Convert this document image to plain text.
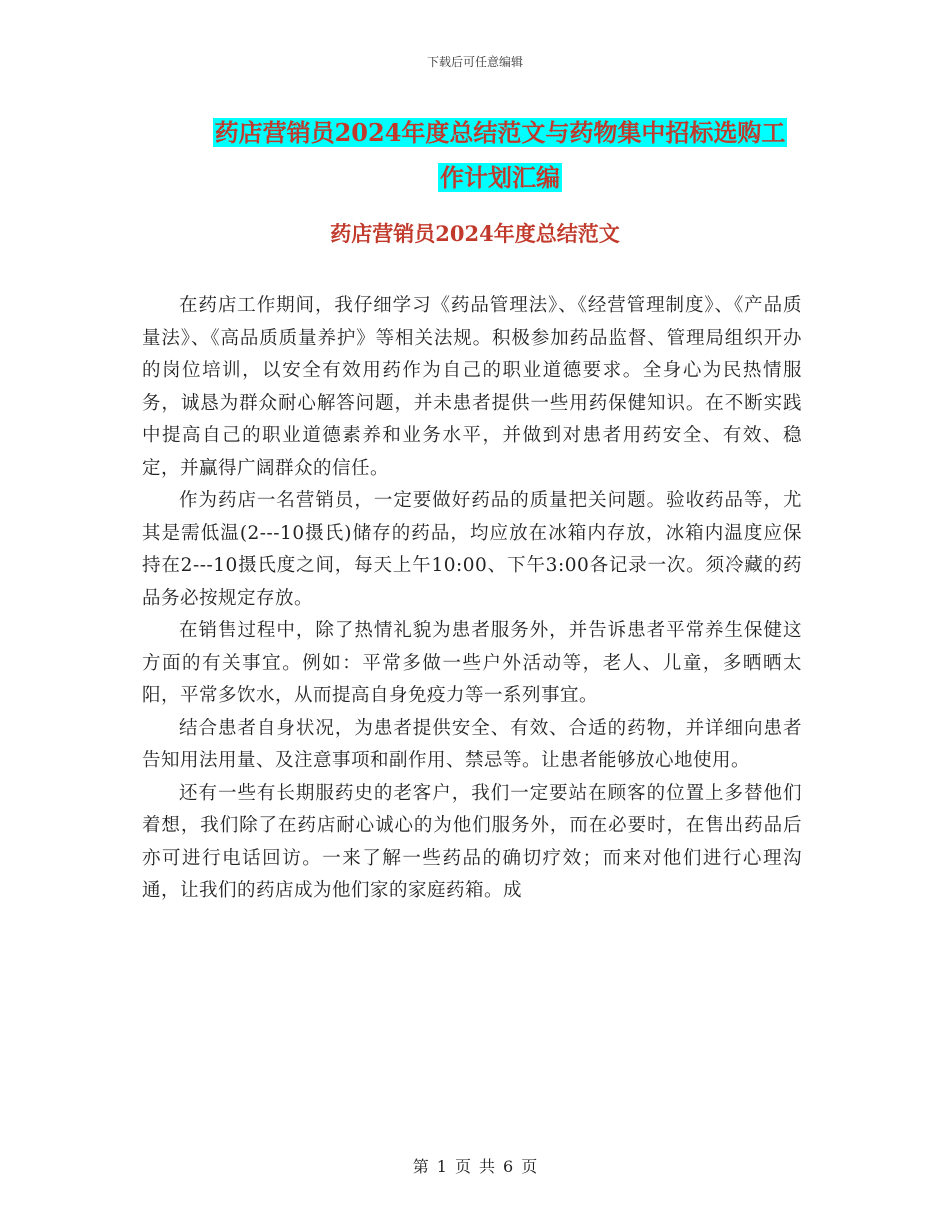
下载后可任意编辑
药店营销员2024年度总结范文与药物集中招标选购工
作计划汇编
药店营销员2024年度总结范文

在药店工作期间，我仔细学习《药品管理法》、《经营管理制度》、《产品质量法》、《高品质质量养护》等相关法规。积极参加药品监督、管理局组织开办的岗位培训，以安全有效用药作为自己的职业道德要求。全身心为民热情服务，诚恳为群众耐心解答问题，并未患者提供一些用药保健知识。在不断实践中提高自己的职业道德素养和业务水平，并做到对患者用药安全、有效、稳定，并赢得广阔群众的信任。

作为药店一名营销员，一定要做好药品的质量把关问题。验收药品等，尤其是需低温(2---10摄氏)储存的药品，均应放在冰箱内存放，冰箱内温度应保持在2---10摄氏度之间，每天上午10:00、下午3:00各记录一次。须冷藏的药品务必按规定存放。

在销售过程中，除了热情礼貌为患者服务外，并告诉患者平常养生保健这方面的有关事宜。例如：平常多做一些户外活动等，老人、儿童，多晒晒太阳，平常多饮水，从而提高自身免疫力等一系列事宜。

结合患者自身状况，为患者提供安全、有效、合适的药物，并详细向患者告知用法用量、及注意事项和副作用、禁忌等。让患者能够放心地使用。

还有一些有长期服药史的老客户，我们一定要站在顾客的位置上多替他们着想，我们除了在药店耐心诚心的为他们服务外，而在必要时，在售出药品后亦可进行电话回访。一来了解一些药品的确切疗效；而来对他们进行心理沟通，让我们的药店成为他们家的家庭药箱。成

第 1 页 共 6 页
